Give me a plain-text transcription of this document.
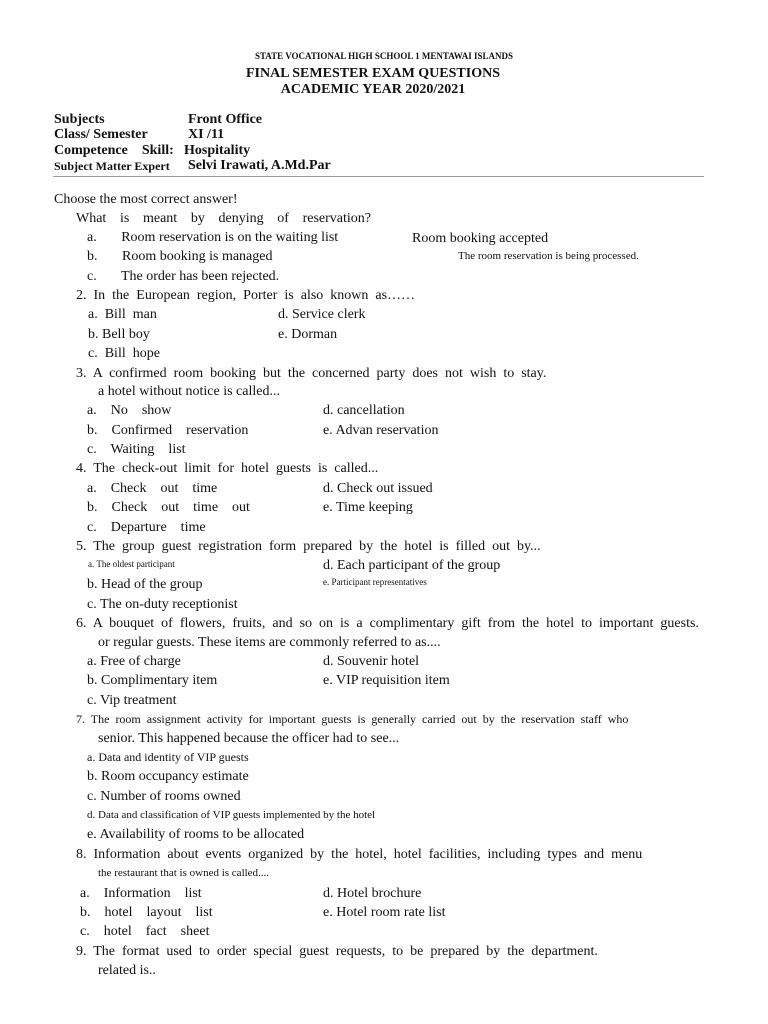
STATE VOCATIONAL HIGH SCHOOL 1 MENTAWAI ISLANDS
FINAL SEMESTER EXAM QUESTIONS
ACADEMIC YEAR 2020/2021
Subjects	Front Office
Class/ Semester	XI /11
Competence    Skill: Hospitality
Subject Matter Expert Selvi Irawati, A.Md.Par
Choose the most correct answer!
What  is  meant  by  denying  of  reservation?
a.       Room reservation is on the waiting list	Room booking accepted
b.       Room booking is managed	The room reservation is being processed.
c.       The order has been rejected.
2.  In  the  European  region,  Porter  is  also  known  as……
a.  Bill  man	d. Service clerk
b. Bell boy	e. Dorman
c.  Bill  hope
3.  A  confirmed  room  booking  but  the  concerned  party  does  not  wish  to  stay.
a hotel without notice is called...
a.    No    show	d. cancellation
b.    Confirmed    reservation	e. Advan reservation
c.    Waiting    list
4.  The  check-out  limit  for  hotel  guests  is  called...
a.    Check    out    time	d. Check out issued
b.    Check    out    time    out	e. Time keeping
c.    Departure    time
5.  The  group  guest  registration  form  prepared  by  the  hotel  is  filled  out  by...
a. The oldest participant	d. Each participant of the group
b. Head of the group	e. Participant representatives
c. The on-duty receptionist
6.  A  bouquet  of  flowers,  fruits,  and  so  on  is  a  complimentary  gift  from  the  hotel  to  important  guests.
or regular guests. These items are commonly referred to as....
a. Free of charge	d. Souvenir hotel
b. Complimentary item	e. VIP requisition item
c. Vip treatment
7.  The  room  assignment  activity  for  important  guests  is  generally  carried  out  by  the  reservation  staff  who
senior. This happened because the officer had to see...
a. Data and identity of VIP guests
b. Room occupancy estimate
c. Number of rooms owned
d. Data and classification of VIP guests implemented by the hotel
e. Availability of rooms to be allocated
8.  Information  about  events  organized  by  the  hotel,  hotel  facilities,  including  types  and  menu
the restaurant that is owned is called....
a.    Information    list	d. Hotel brochure
b.    hotel    layout    list	e. Hotel room rate list
c.    hotel    fact    sheet
9.  The  format  used  to  order  special  guest  requests,  to  be  prepared  by  the  department.
related is..
